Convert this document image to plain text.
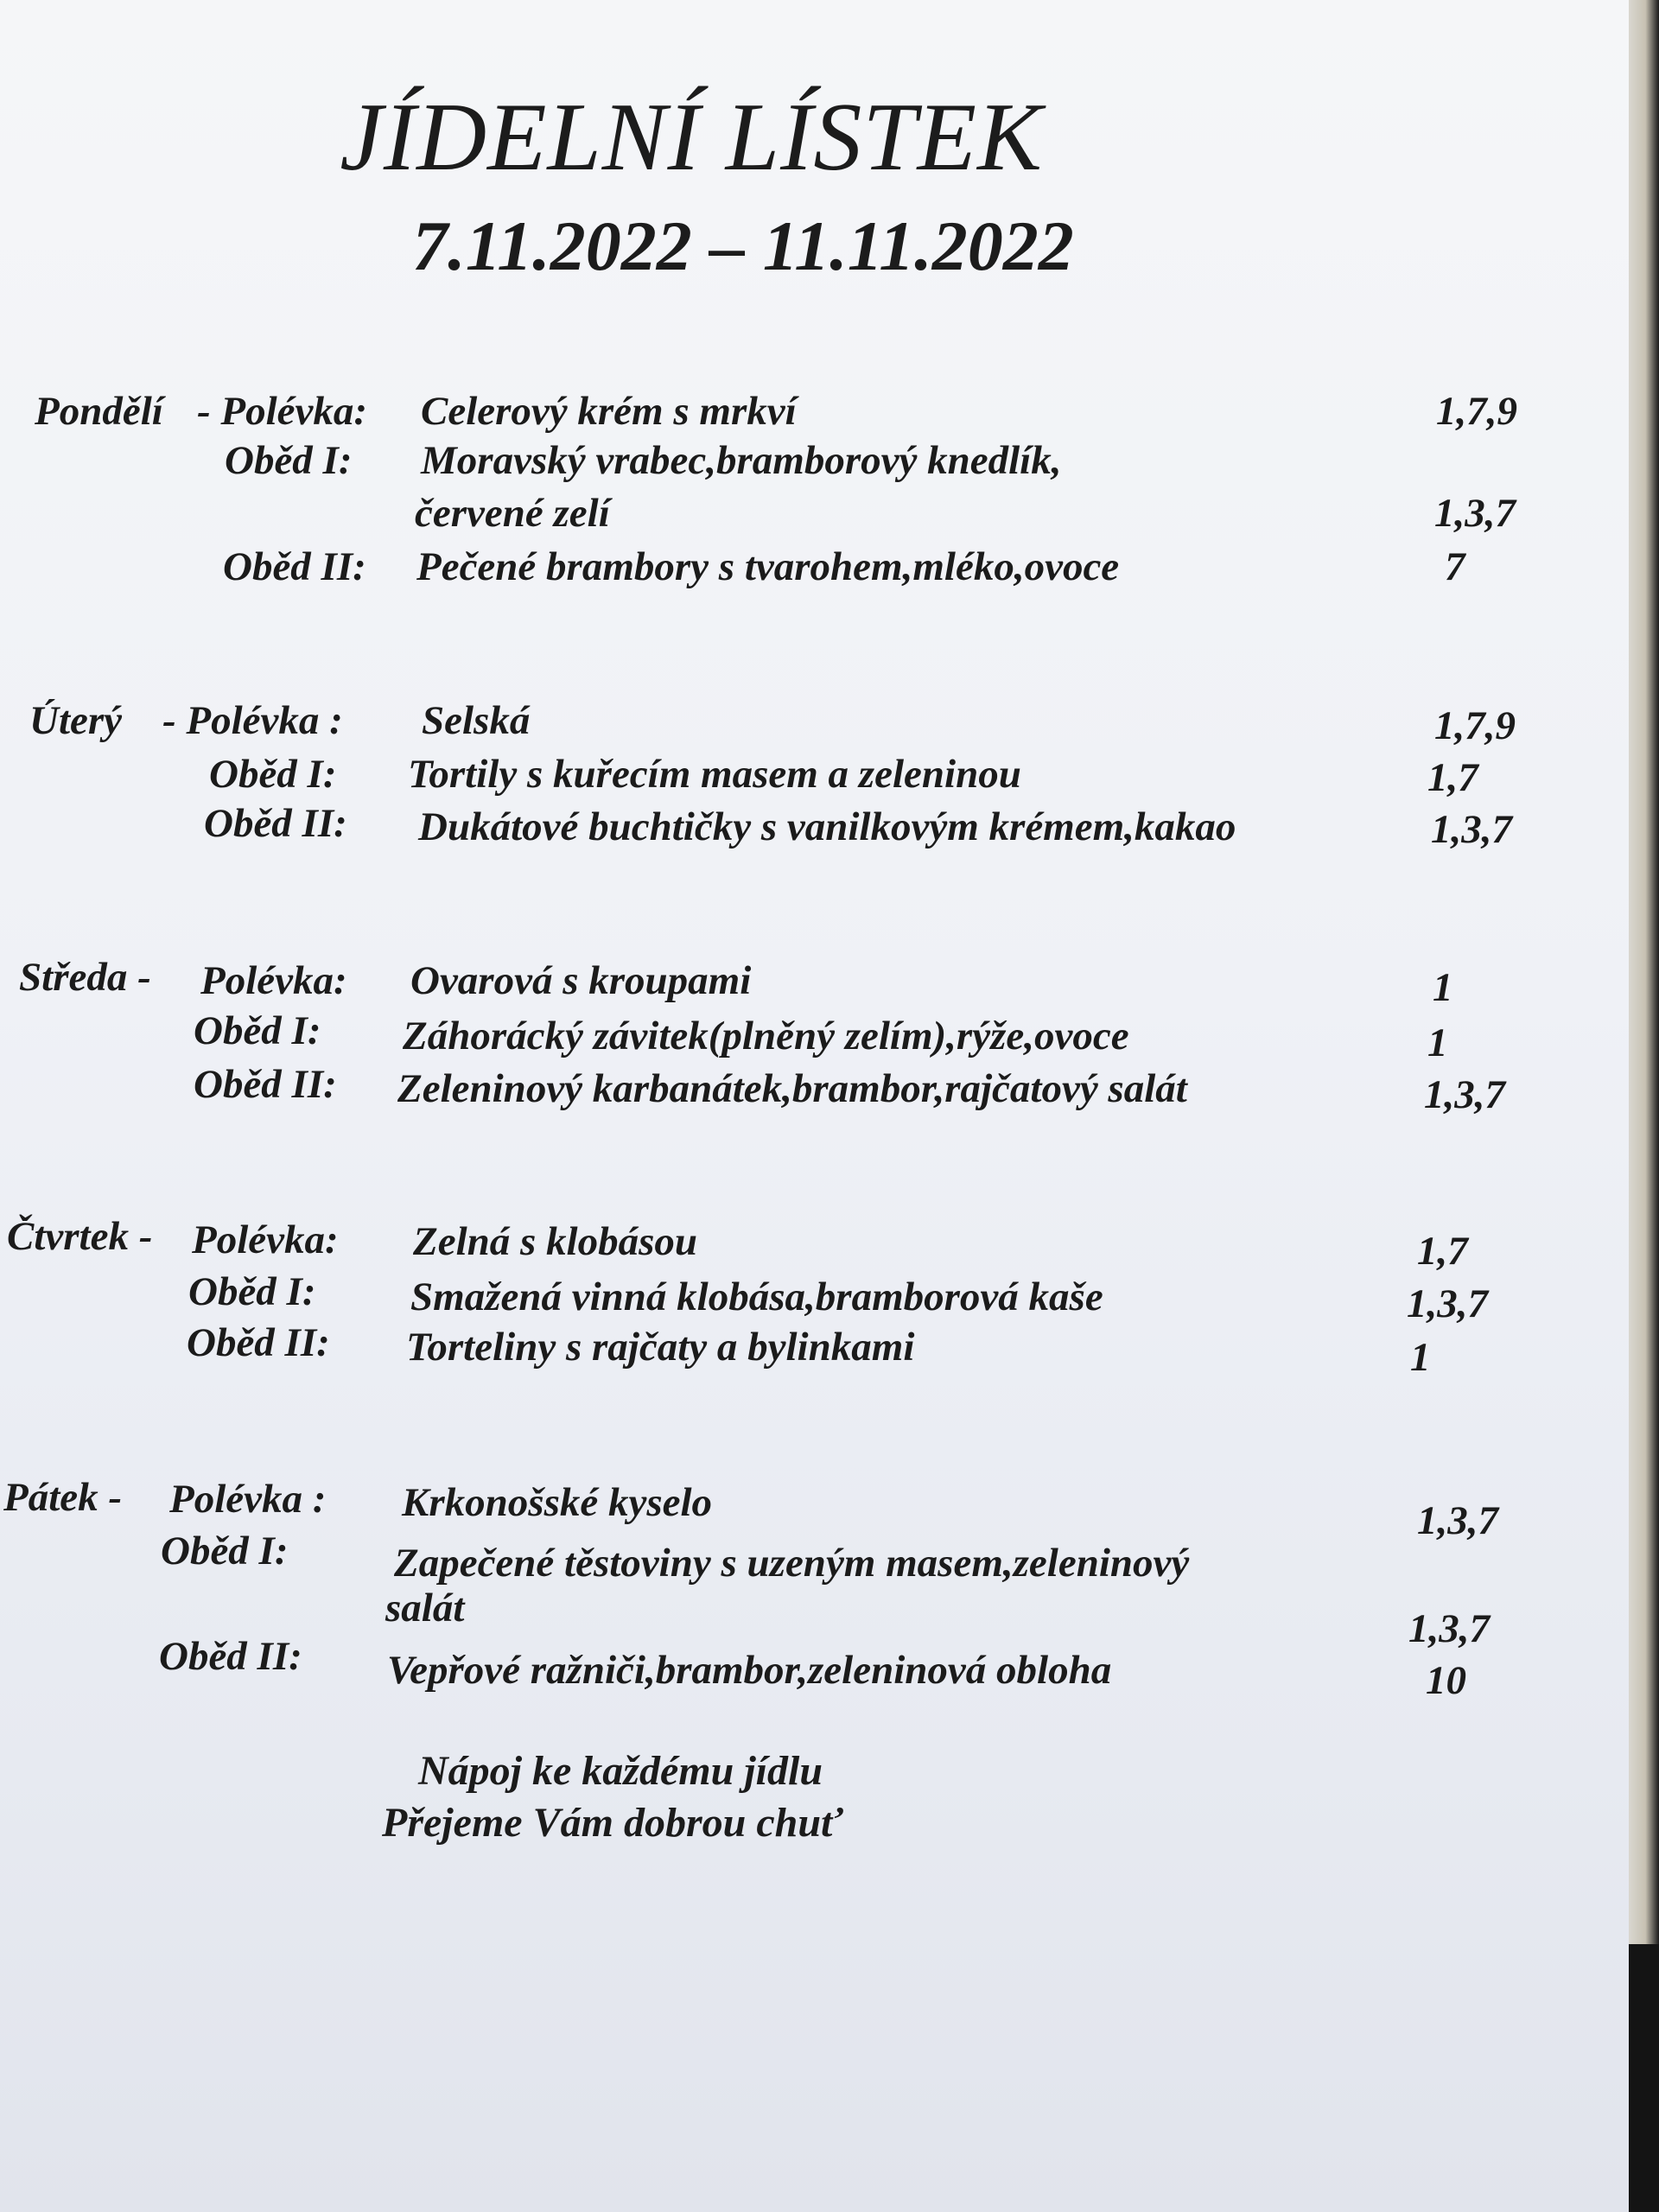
JÍDELNÍ LÍSTEK
7.11.2022 – 11.11.2022
Pondělí - Polévka: Celerový krém s mrkví	1,7,9
Oběd I: Moravský vrabec,bramborový knedlík,
červené zelí	1,3,7
Oběd II: Pečené brambory s tvarohem,mléko,ovoce	7
Úterý - Polévka : Selská	1,7,9
Oběd I: Tortily s kuřecím masem a zeleninou	1,7
Oběd II: Dukátové buchtičky s vanilkovým krémem,kakao	1,3,7
Středa - Polévka: Ovarová s kroupami	1
Oběd I: Záhorácký závitek(plněný zelím),rýže,ovoce	1
Oběd II: Zeleninový karbanátek,brambor,rajčatový salát	1,3,7
Čtvrtek - Polévka: Zelná s klobásou	1,7
Oběd I: Smažená vinná klobása,bramborová kaše	1,3,7
Oběd II: Torteliny s rajčaty a bylinkami	1
Pátek - Polévka : Krkonošské kyselo	1,3,7
Oběd I:	Zapečené těstoviny s uzeným masem,zeleninový
salát	1,3,7
Oběd II: Vepřové ražniči,brambor,zeleninová obloha	10
Nápoj ke každému jídlu
Přejeme Vám dobrou chuť
